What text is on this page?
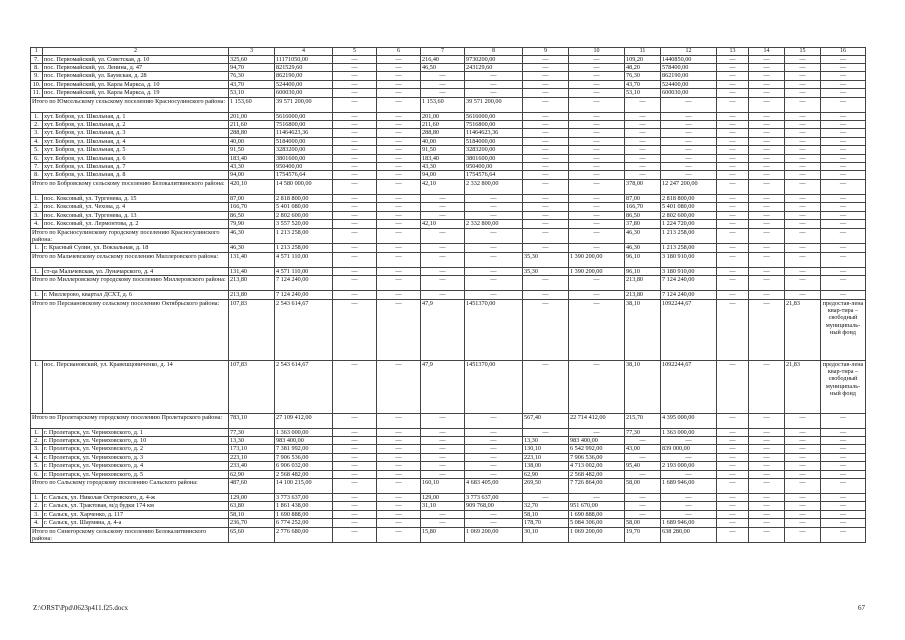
1	2	3	4	5	6	7	8	9	10	11	12	13	14	15	16
7.	пос. Первомайский, ул. Советская, д. 10	325,60	11171050,00	—	—	216,40	9730200,00	—	—	109,20	1440850,00	—	—	—	—
8.	пос. Первомайский, ул. Ленина, д. 47	94,70	821529,60	—	—	46,50	243129,60	—	—	48,20	578400,00	—	—	—	—
9.	пос. Первомайский, ул. Баумская, д. 28	76,30	862190,00	—	—	—	—	—	—	76,30	862190,00	—	—	—	—
10.	пос. Первомайский, ул. Карла Маркса, д. 10	43,70	524400,00	—	—	—	—	—	—	43,70	524400,00	—	—	—	—
11.	пос. Первомайский, ул. Карла Маркса, д. 19	53,10	600030,00	—	—	—	—	—	—	53,10	600030,00	—	—	—	—
Итого по Юмсельскому сельскому поселению Красносулинского района:		1 153,60	39 571 200,00	—	—	1 153,60	39 571 200,00	—	—	—	—	—	—	—	—
1.	хут. Бобров, ул. Школьная, д. 1	201,00	5616000,00	—	—	201,00	5616000,00	—	—	—	—	—	—	—	—
2.	хут. Бобров, ул. Школьная, д. 2	211,60	7516800,00	—	—	211,60	7516800,00	—	—	—	—	—	—	—	—
3.	хут. Бобров, ул. Школьная, д. 3	288,80	11464623,36	—	—	288,80	11464623,36	—	—	—	—	—	—	—	—
4.	хут. Бобров, ул. Школьная, д. 4	40,00	5184000,00	—	—	40,00	5184000,00	—	—	—	—	—	—	—	—
5.	хут. Бобров, ул. Школьная, д. 5	91,50	3283200,00	—	—	91,50	3283200,00	—	—	—	—	—	—	—	—
6.	хут. Бобров, ул. Школьная, д. 6	183,40	3801600,00	—	—	183,40	3801600,00	—	—	—	—	—	—	—	—
7.	хут. Бобров, ул. Школьная, д. 7	43,30	950400,00	—	—	43,30	950400,00	—	—	—	—	—	—	—	—
8.	хут. Бобров, ул. Школьная, д. 8	94,00	1754576,64	—	—	94,00	1754576,64	—	—	—	—	—	—	—	—
Итого по Бобровскому сельскому поселению Белокалитвинского района:		420,10	14 580 000,00	—	—	42,10	2 332 800,00	—	—	378,00	12 247 200,00	—	—	—	—
1.	пос. Коксовый, ул. Тургенева, д. 15	87,00	2 818 800,00	—	—	—	—	—	—	87,00	2 818 800,00	—	—	—	—
2.	пос. Коксовый, ул. Чехова, д. 4	166,70	5 401 080,00	—	—	—	—	—	—	166,70	5 401 080,00	—	—	—	—
3.	пос. Коксовый, ул. Тургенева, д. 13	86,50	2 802 600,00	—	—	—	—	—	—	86,50	2 802 600,00	—	—	—	—
4.	пос. Коксовый, ул. Лермонтова, д. 2	79,90	3 557 520,00	—	—	42,10	2 332 800,00	—	—	37,80	1 224 720,00	—	—	—	—
Итого по Красносулинскому городскому поселению Красносулинского района:		46,30	1 213 258,00	—	—	—	—	—	—	46,30	1 213 258,00	—	—	—	—
1.	г. Красный Сулин, ул. Вокзальная, д. 18	46,30	1 213 258,00	—	—	—	—	—	—	46,30	1 213 258,00	—	—	—	—
Итого по Мальчевскому сельскому поселению Миллеровского района:		131,40	4 571 110,00	—	—	—	—	35,30	1 390 200,00	96,10	3 180 910,00	—	—	—	—
1.	ст-ца Мальчевская, ул. Луначарского, д. 4	131,40	4 571 110,00	—	—	—	—	35,30	1 390 200,00	96,10	3 180 910,00	—	—	—	—
Итого по Миллеровскому городскому поселению Миллеровского района:		213,80	7 124 240,00	—	—	—	—	—	—	213,80	7 124 240,00	—	—	—	—
1.	г. Миллерово, квартал ДСХТ, д. 6	213,80	7 124 240,00	—	—	—	—	—	—	213,80	7 124 240,00	—	—	—	—
Итого по Персиановскому сельскому поселению Октябрьского района:		107,83	2 543 614,67	—	—	47,9	1451370,00	—	—	38,10	1092244,67	—	—	21,83	предостав-лена квар-тира – свободный муниципаль-ный фонд
1.	пос. Персиановский, ул. Кравешцовиченко, д. 14	107,83	2 543 614,67	—	—	47,9	1451370,00	—	—	38,10	1092244,67	—	—	21,83	предостав-лена квар-тира – свободный муниципаль-ный фонд
Итого по Пролетарскому городскому поселению Пролетарского района:		783,10	27 109 412,00	—	—	—	—	567,40	22 714 412,00	215,70	4 395 000,00	—	—	—	—
1.	г. Пролетарск, ул. Черняховского, д. 1	77,30	1 363 000,00	—	—	—	—	—	—	77,30	1 363 000,00	—	—	—	—
2.	г. Пролетарск, ул. Черняховского, д. 10	13,30	983 400,00	—	—	—	—	13,30	983 400,00	—	—	—	—	—	—
3.	г. Пролетарск, ул. Черняховского, д. 2	173,10	7 381 992,00	—	—	—	—	130,10	6 542 992,00	43,00	839 000,00	—	—	—	—
4.	г. Пролетарск, ул. Черняховского, д. 3	223,10	7 906 536,00	—	—	—	—	223,10	7 906 536,00	—	—	—	—	—	—
5.	г. Пролетарск, ул. Черняховского, д. 4	233,40	6 906 032,00	—	—	—	—	138,00	4 713 002,00	95,40	2 193 000,00	—	—	—	—
6.	г. Пролетарск, ул. Черняховского, д. 5	62,90	2 568 482,00	—	—	—	—	62,90	2 568 482,00	—	—	—	—	—	—
Итого по Сальскому городскому поселению Сальского района:		487,60	14 100 215,00	—	—	160,10	4 683 405,00	269,50	7 726 864,00	58,00	1 689 946,00	—	—	—	—
1.	г. Сальск, ул. Николая Островского, д. 4-ж	129,00	3 773 637,00	—	—	129,00	3 773 637,00	—	—	—	—	—	—	—	—
2.	г. Сальск, ул. Трактовая, м/д будки 174 км	63,80	1 861 438,00	—	—	31,10	909 768,00	32,70	951 670,00	—	—	—	—	—	—
3.	г. Сальск, ул. Харченко, д. 117	58,10	1 690 888,00	—	—	—	—	58,10	1 690 888,00	—	—	—	—	—	—
4.	г. Сальск, ул. Шаумяна, д. 4-а	236,70	6 774 252,00	—	—	—	—	178,70	5 084 306,00	58,00	1 689 946,00	—	—	—	—
Итого по Синегорскому сельскому поселению Белокалитвинского района:		65,60	2 776 680,00	—	—	15,80	1 069 200,00	30,10	1 069 200,00	19,70	638 280,00	—	—	—	—
Z:\ORST\Ppd\0623p411.f25.docx	67
